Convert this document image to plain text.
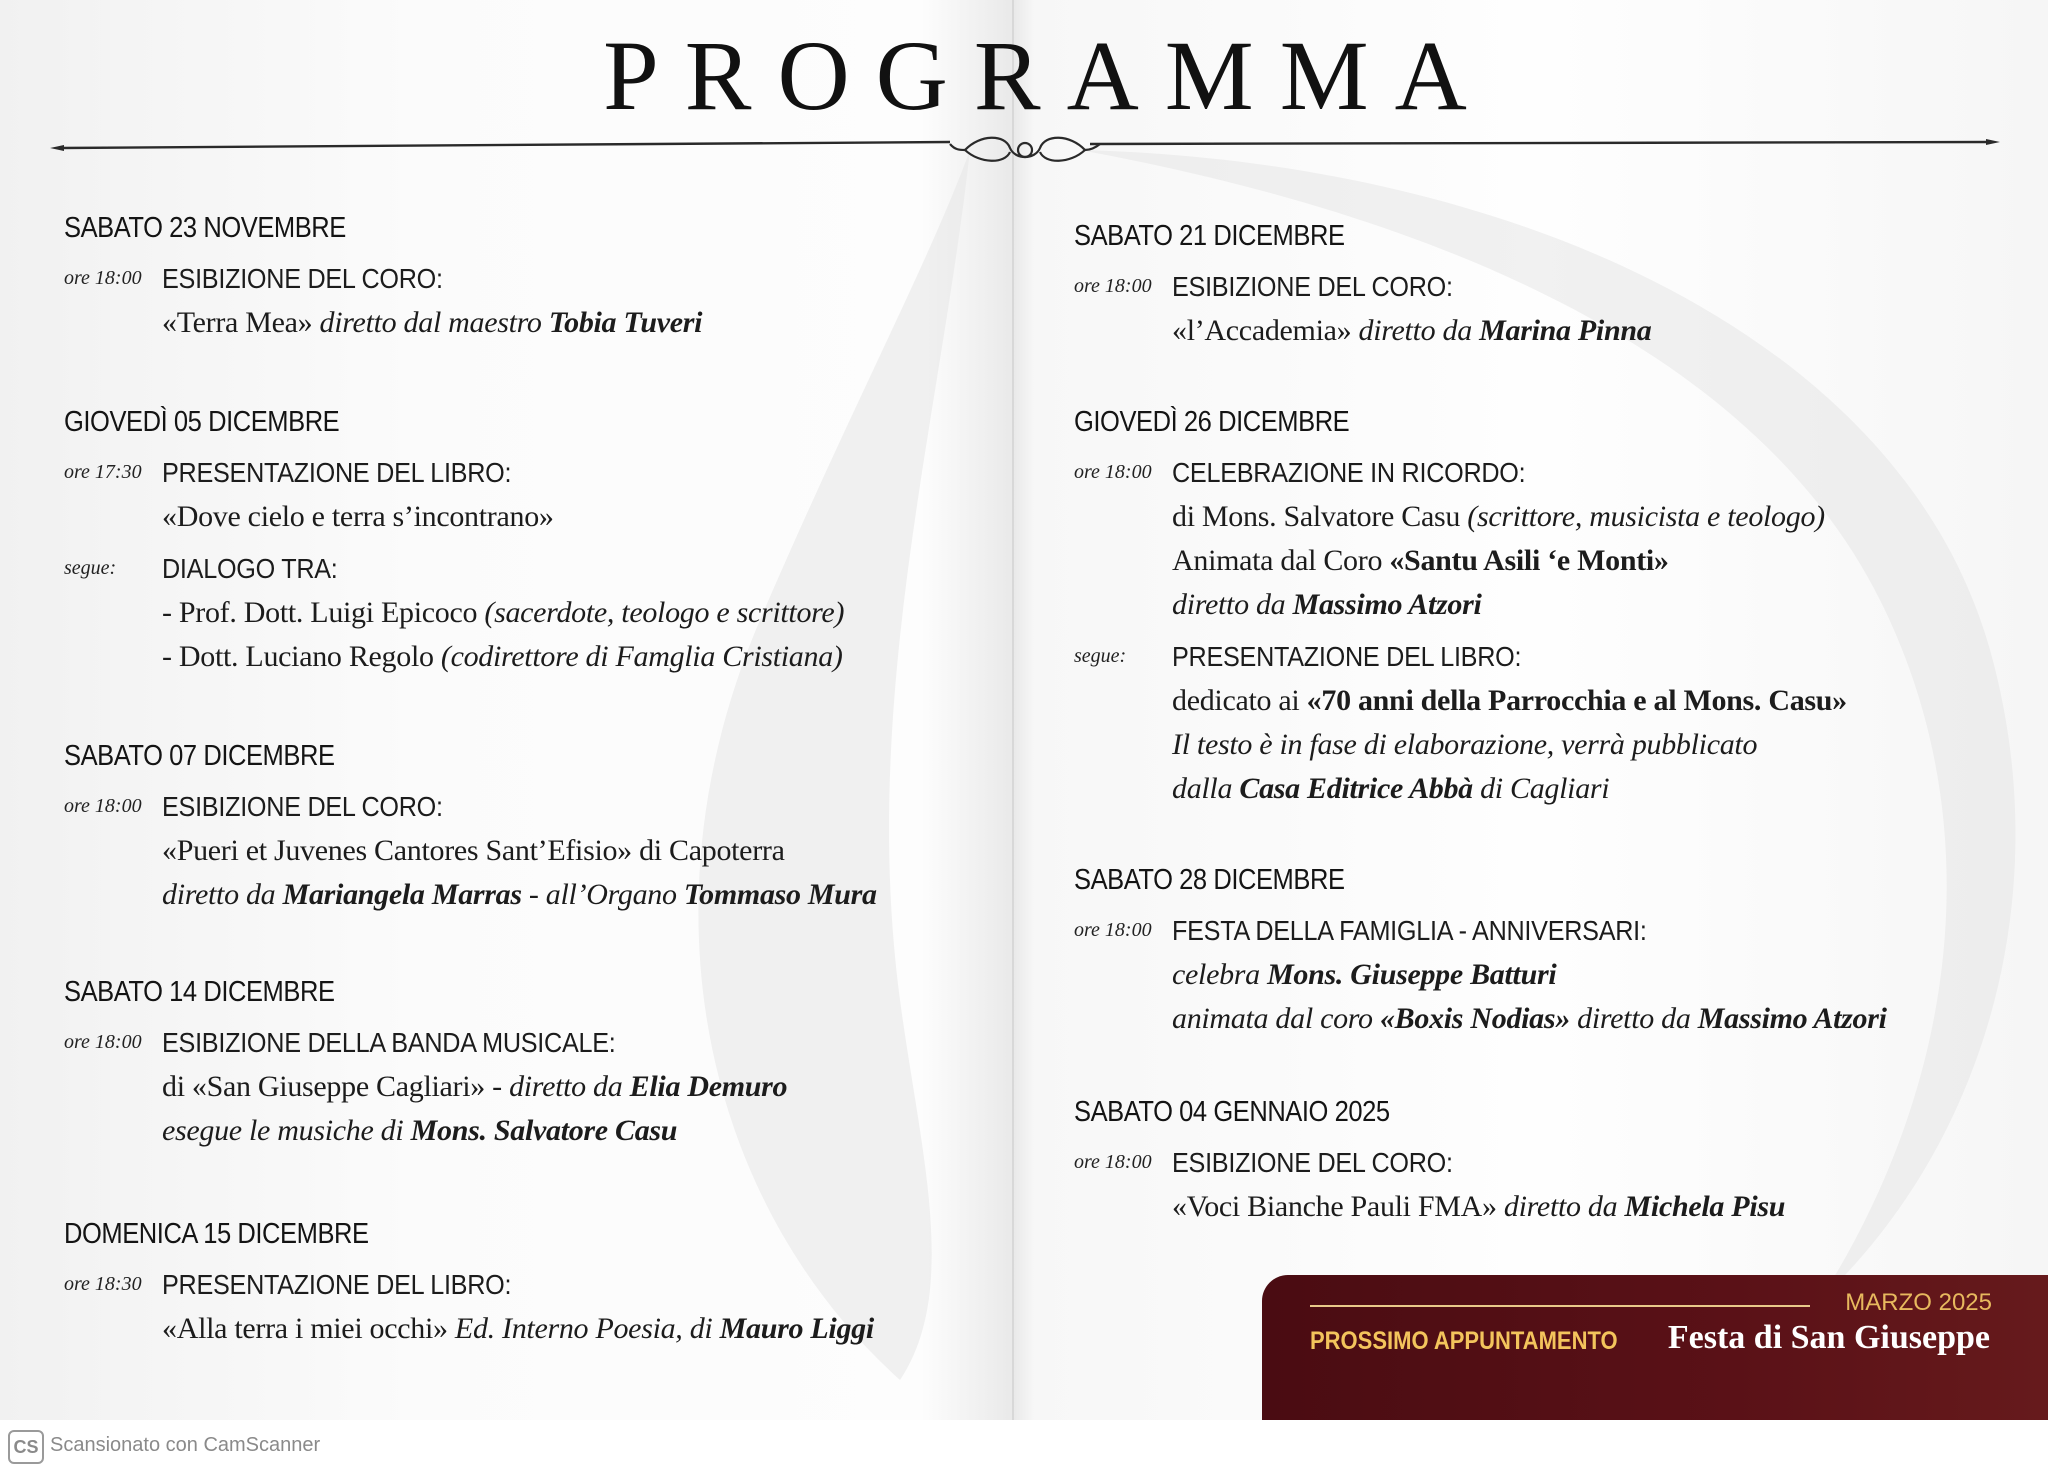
PROGRAMMA
SABATO 23 NOVEMBRE
ore 18:00 ESIBIZIONE DEL CORO:
«Terra Mea» diretto dal maestro Tobia Tuveri
GIOVEDÌ 05 DICEMBRE
ore 17:30 PRESENTAZIONE DEL LIBRO:
«Dove cielo e terra s’incontrano»
segue: DIALOGO TRA:
- Prof. Dott. Luigi Epicoco (sacerdote, teologo e scrittore)
- Dott. Luciano Regolo (codirettore di Famglia Cristiana)
SABATO 07 DICEMBRE
ore 18:00 ESIBIZIONE DEL CORO:
«Pueri et Juvenes Cantores Sant’Efisio» di Capoterra
diretto da Mariangela Marras - all’Organo Tommaso Mura
SABATO 14 DICEMBRE
ore 18:00 ESIBIZIONE DELLA BANDA MUSICALE:
di «San Giuseppe Cagliari» - diretto da Elia Demuro
esegue le musiche di Mons. Salvatore Casu
DOMENICA 15 DICEMBRE
ore 18:30 PRESENTAZIONE DEL LIBRO:
«Alla terra i miei occhi» Ed. Interno Poesia, di Mauro Liggi
SABATO 21 DICEMBRE
ore 18:00 ESIBIZIONE DEL CORO:
«l’Accademia» diretto da Marina Pinna
GIOVEDÌ 26 DICEMBRE
ore 18:00 CELEBRAZIONE IN RICORDO:
di Mons. Salvatore Casu (scrittore, musicista e teologo)
Animata dal Coro «Santu Asili ‘e Monti»
diretto da Massimo Atzori
segue: PRESENTAZIONE DEL LIBRO:
dedicato ai «70 anni della Parrocchia e al Mons. Casu»
Il testo è in fase di elaborazione, verrà pubblicato
dalla Casa Editrice Abbà di Cagliari
SABATO 28 DICEMBRE
ore 18:00 FESTA DELLA FAMIGLIA - ANNIVERSARI:
celebra Mons. Giuseppe Batturi
animata dal coro «Boxis Nodias» diretto da Massimo Atzori
SABATO 04 GENNAIO 2025
ore 18:00 ESIBIZIONE DEL CORO:
«Voci Bianche Pauli FMA» diretto da Michela Pisu
MARZO 2025
PROSSIMO APPUNTAMENTO Festa di San Giuseppe
CS Scansionato con CamScanner
